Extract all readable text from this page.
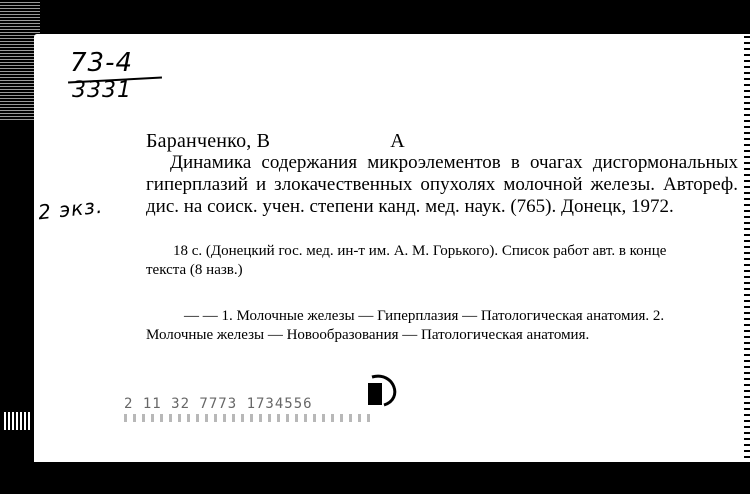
73-4
3331
2 экз.
Баранченко, В	А
Динамика содержания микроэлементов в очагах дисгормональных гиперплазий и злокачественных опухолях молочной железы. Автореф. дис. на соиск. учен. степени канд. мед. наук. (765). Донецк, 1972.
18 с. (Донецкий гос. мед. ин-т им. А. М. Горького). Список работ авт. в конце текста (8 назв.)
— — 1. Молочные железы — Гиперплазия — Патологическая анатомия. 2. Молочные железы — Новообразования — Патологическая анатомия.
2 11 32 7773 1734556
